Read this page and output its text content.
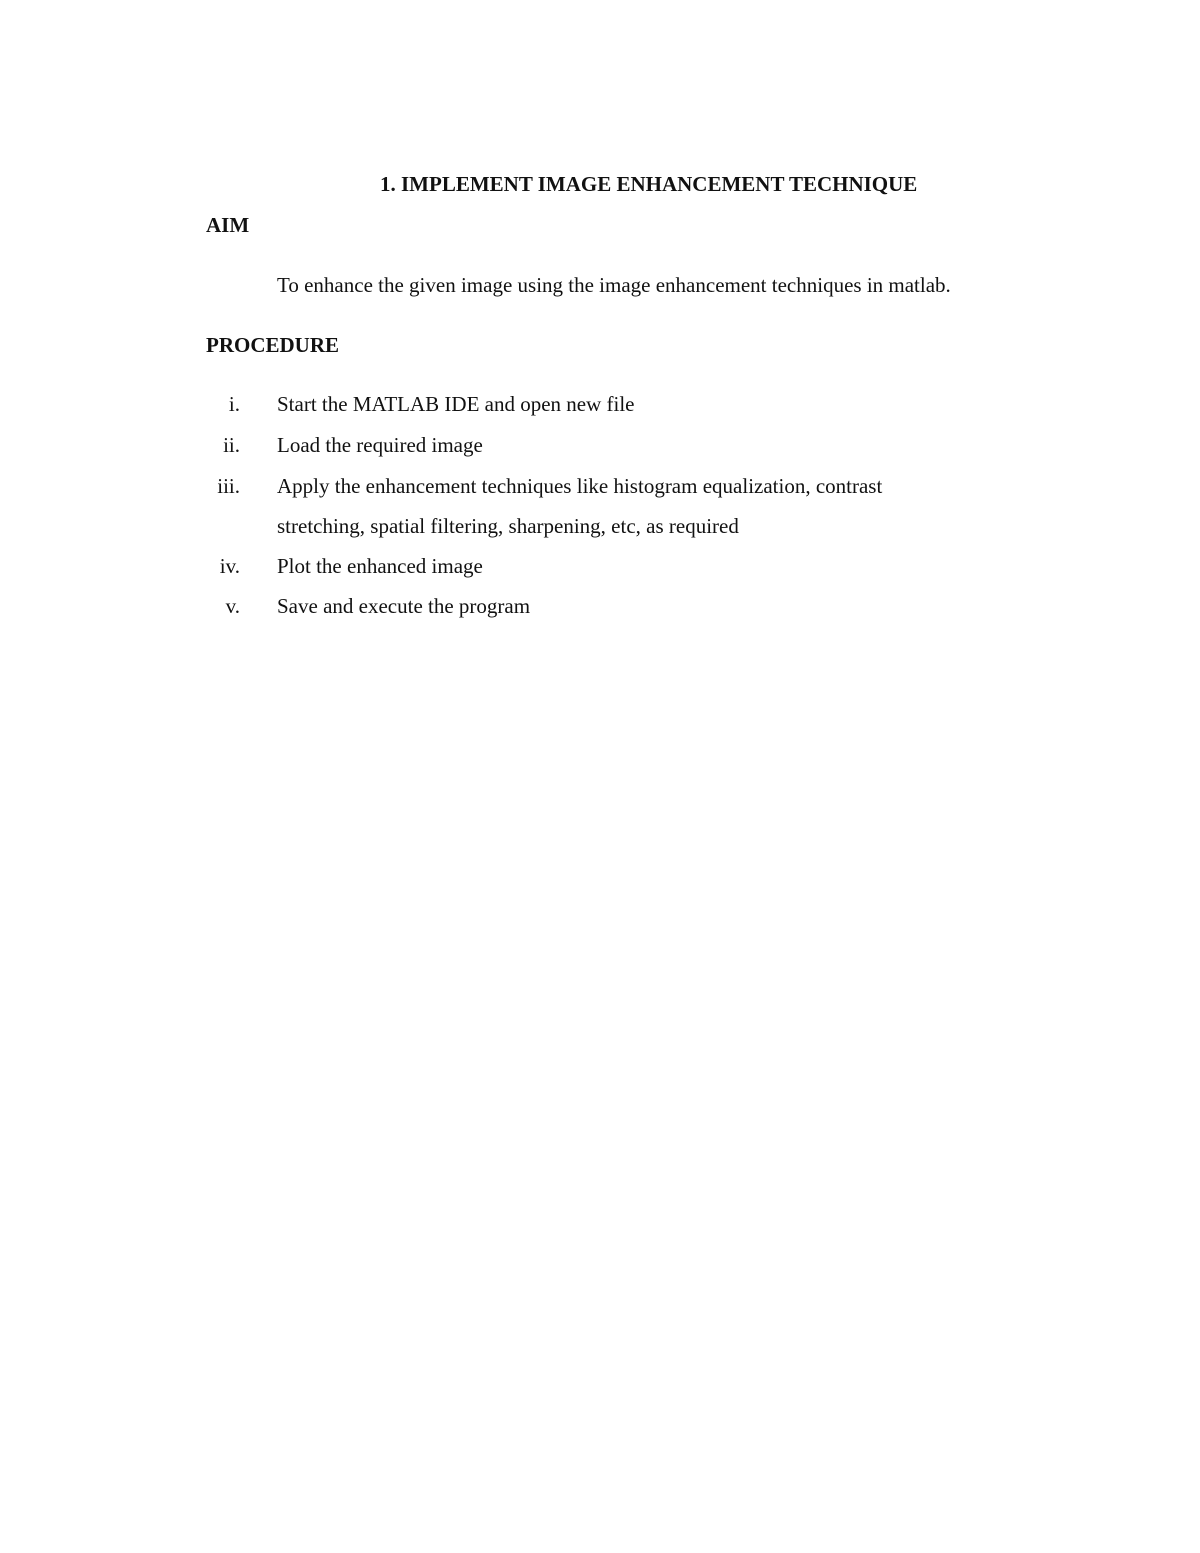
1. IMPLEMENT IMAGE ENHANCEMENT TECHNIQUE
AIM
To enhance the given image using the image enhancement techniques in matlab.
PROCEDURE
i. Start the MATLAB IDE and open new file
ii. Load the required image
iii. Apply the enhancement techniques like histogram equalization, contrast stretching, spatial filtering, sharpening, etc, as required
iv. Plot the enhanced image
v. Save and execute the program
